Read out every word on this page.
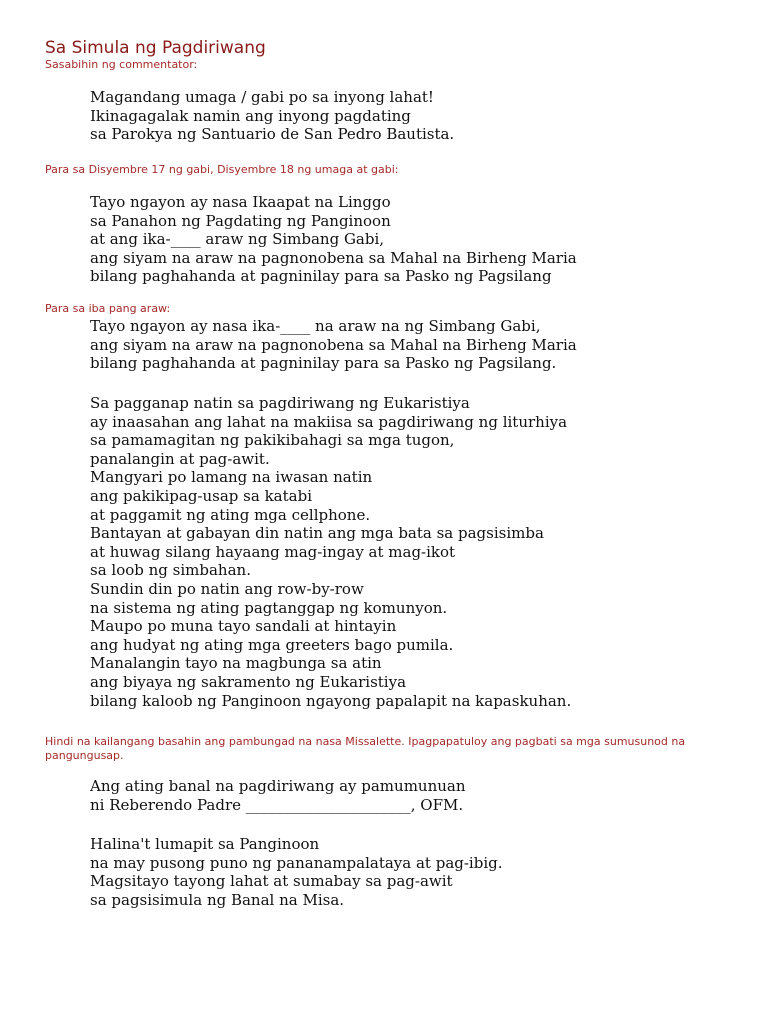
Sa Simula ng Pagdiriwang
Sasabihin ng commentator:
Magandang umaga / gabi po sa inyong lahat!
Ikinagagalak namin ang inyong pagdating
sa Parokya ng Santuario de San Pedro Bautista.
Para sa Disyembre 17 ng gabi, Disyembre 18 ng umaga at gabi:
Tayo ngayon ay nasa Ikaapat na Linggo
sa Panahon ng Pagdating ng Panginoon
at ang ika-____ araw ng Simbang Gabi,
ang siyam na araw na pagnonobena sa Mahal na Birheng Maria
bilang paghahanda at pagninilay para sa Pasko ng Pagsilang
Para sa iba pang araw:
Tayo ngayon ay nasa ika-____ na araw na ng Simbang Gabi,
ang siyam na araw na pagnonobena sa Mahal na Birheng Maria
bilang paghahanda at pagninilay para sa Pasko ng Pagsilang.
Sa pagganap natin sa pagdiriwang ng Eukaristiya
ay inaasahan ang lahat na makiisa sa pagdiriwang ng liturhiya
sa pamamagitan ng pakikibahagi sa mga tugon,
panalangin at pag-awit.
Mangyari po lamang na iwasan natin
ang pakikipag-usap sa katabi
at paggamit ng ating mga cellphone.
Bantayan at gabayan din natin ang mga bata sa pagsisimba
at huwag silang hayaang mag-ingay at mag-ikot
sa loob ng simbahan.
Sundin din po natin ang row-by-row
na sistema ng ating pagtanggap ng komunyon.
Maupo po muna tayo sandali at hintayin
ang hudyat ng ating mga greeters bago pumila.
Manalangin tayo na magbunga sa atin
ang biyaya ng sakramento ng Eukaristiya
bilang kaloob ng Panginoon ngayong papalapit na kapaskuhan.
Hindi na kailangang basahin ang pambungad na nasa Missalette. Ipagpapatuloy ang pagbati sa mga sumusunod na pangungusap.
Ang ating banal na pagdiriwang ay pamumunuan
ni Reberendo Padre ______________________, OFM.
Halina't lumapit sa Panginoon
na may pusong puno ng pananampalataya at pag-ibig.
Magsitayo tayong lahat at sumabay sa pag-awit
sa pagsisimula ng Banal na Misa.
